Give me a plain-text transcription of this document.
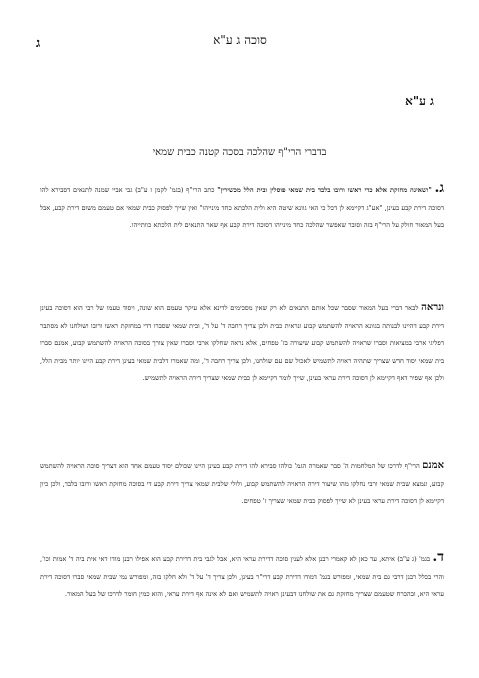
סוכה ג ע"א
ג
ג ע"א
בדברי הרי"ף שהלכה בסכה קטנה כבית שמאי
ג. "ושאינה מחזקת אלא כדי ראשו ורובו בלבד בית שמאי פוסלין ובית הלל מכשירין" כתב הרי"ף (בגמ' לקמן ז ע"ב) גבי אביי שמנה לתנאים דסבירא להו דסוכה דירת קבע בעינן, "אע"ג דקיימא לן דכל כי האי גוונא שיטה היא ולית הלכתא כחד מינייהו" ואין שייך לפסוק כבית שמאי אם טעמם משום דירת קבע, אבל בעל המאור חולק על הרי"ף בזה וסובר שאפשר שהלכה כחד מינייהו דסוכה דירת קבע אף שאר התנאים לית הלכתא כוותייהו.
ונראה לבאר דברי בעל המאור שסבר שכל אותם התנאים לא רק שאין מסכימים לדינא אלא עיקר טעמם הוא שונה, ויסוד טעמו של רבי הוא דסוכה בעינן דירת קבע דהיינו לבנותה בגוונא הראויה להשתמש קבוע ונראית כבית ולכן צריך רחבה ד' על ד', ובית שמאי שסברו דדי במחזקת ראשו ורובו ושולחנו לא מסתבר דפליגי ארבי במציאות וסברו שראויה להשתמש קבוע שיעורה בז' טפחים, אלא נראה שחלקו ארבי וסברו שאין צורך בסוכה הראויה להשתמש קבוע, אמנם סברו בית שמאי יסוד חדש שצריך שתהיה ראויה לתשמיש לאכול שם עם שולחנו, ולכן צריך רחבה ד', ומה שאמרו דלבית שמאי בעינן דירת קבע היינו יותר מבית הלל, ולכן אף שפיר דאף דקיימא לן דסוכה דירת עראי בעינן, שייך לומר דקיימא לן כבית שמאי שצריך דירה הראויה לתשמיש.
אמנם הרי"ף לדרכו של המלחמות ה' סבר שאמרה הגמ' כולהו סבירא להו דירת קבע בעינן היינו שכולם יסוד טעמם אחד הוא דצריך סוכה הראויה להשתמש קבוע, ונמצא שבית שמאי ורבי נחלקו מהו שיעור דירה הראויה להשתמש קבוע, ולולי שלבית שמאי צריך דירת קבע די בסוכה מחזקת ראשו ורובו בלבד, ולכן כיון דקיימא לן דסוכה דירת עראי בעינן לא שייך לפסוק כבית שמאי שצריך ז' טפחים.
ד. בגמ' (ג ע"ב) איתא, עד כאן לא קאמרי רבנן אלא לענין סוכה דדירת עראי היא, אבל לגבי בית דדירת קבע הוא אפילו רבנן מודו דאי אית ביה ד' אמות וכו', והרי בכלל רבנן דרבי גם בית שמאי, ומפורש בגמ' דמודו דדירת קבע דרי"ר בעינן, ולכן צריך ד' על ד' ולא חלקו בזה, ומפורש נמי שבית שמאי סברו דסוכה דירת עראי היא, ובהכרח שטעמם שצריך מחזקת גם את שולחנו דבעינן ראויה לתשמיש ואם לא אינה אף דירת עראי, והוא כמין חומר לדרכו של בעל המאור.
